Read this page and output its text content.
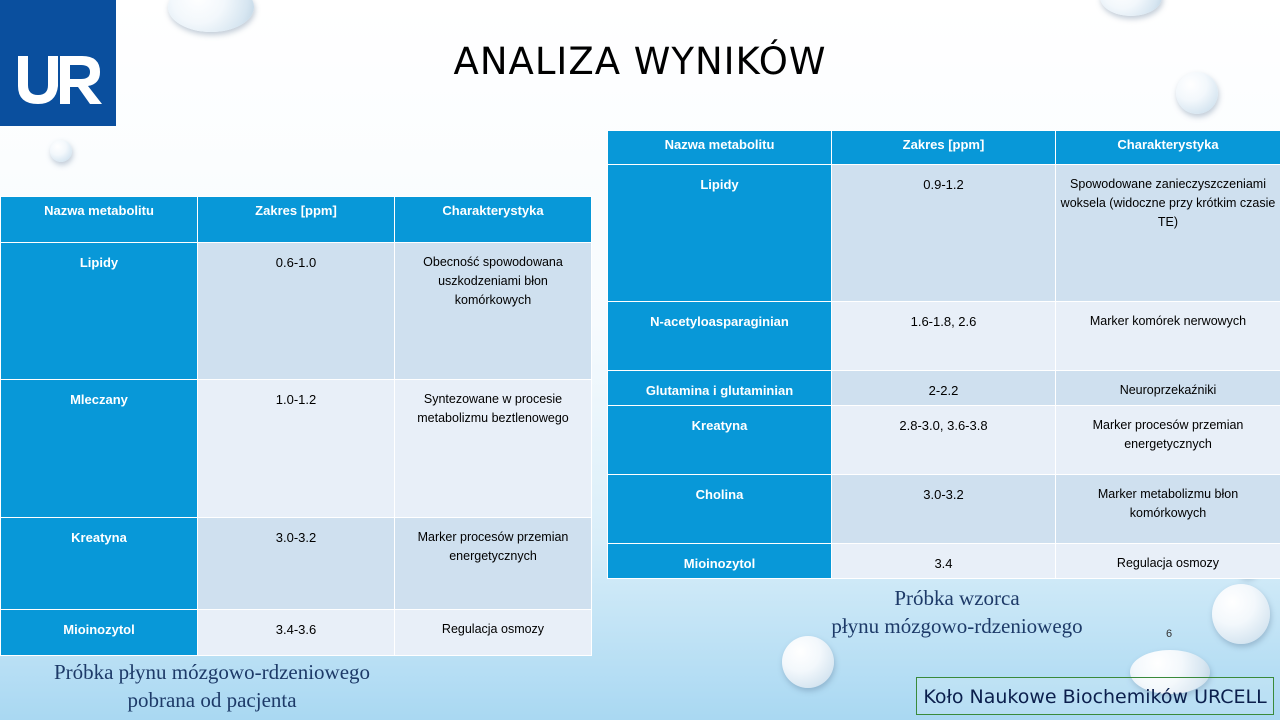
ANALIZA WYNIKÓW
Nazwa metabolitu	Zakres [ppm]	Charakterystyka
Lipidy	0.6-1.0	Obecność spowodowana uszkodzeniami błon komórkowych
Mleczany	1.0-1.2	Syntezowane w procesie metabolizmu beztlenowego
Kreatyna	3.0-3.2	Marker procesów przemian energetycznych
Mioinozytol	3.4-3.6	Regulacja osmozy
Próbka płynu mózgowo-rdzeniowego
pobrana od pacjenta
Nazwa metabolitu	Zakres [ppm]	Charakterystyka
Lipidy	0.9-1.2	Spowodowane zanieczyszczeniami woksela (widoczne przy krótkim czasie TE)
N-acetyloasparaginian	1.6-1.8, 2.6	Marker komórek nerwowych
Glutamina i glutaminian	2-2.2	Neuroprzekaźniki
Kreatyna	2.8-3.0, 3.6-3.8	Marker procesów przemian energetycznych
Cholina	3.0-3.2	Marker metabolizmu błon komórkowych
Mioinozytol	3.4	Regulacja osmozy
Próbka wzorca
płynu mózgowo-rdzeniowego	6
Koło Naukowe Biochemików URCELL
